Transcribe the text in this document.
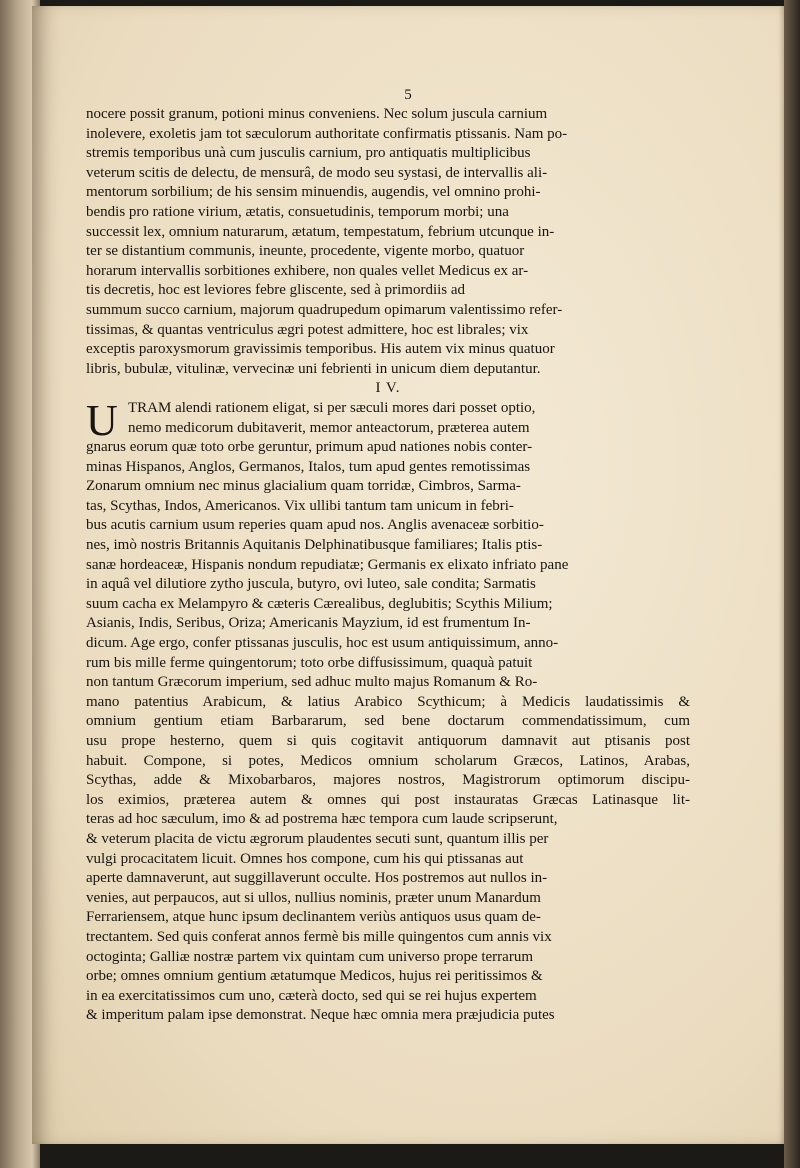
5
nocere possit granum, potioni minus conveniens. Nec solum juscula carnium
inolevere, exoletis jam tot sæculorum authoritate confirmatis ptissanis. Nam po-
stremis temporibus unà cum jusculis carnium, pro antiquatis multiplicibus
veterum scitis de delectu, de mensurâ, de modo seu systasi, de intervallis ali-
mentorum sorbilium; de his sensim minuendis, augendis, vel omnino prohi-
bendis pro ratione virium, ætatis, consuetudinis, temporum morbi; una
successit lex, omnium naturarum, ætatum, tempestatum, febrium utcunque in-
ter se distantium communis, ineunte, procedente, vigente morbo, quatuor
horarum intervallis sorbitiones exhibere, non quales vellet Medicus ex ar-
tis decretis, hoc est leviores febre gliscente, sed à primordiis ad
summum succo carnium, majorum quadrupedum opimarum valentissimo refer-
tissimas, & quantas ventriculus ægri potest admittere, hoc est librales; vix
exceptis paroxysmorum gravissimis temporibus. His autem vix minus quatuor
libris, bubulæ, vitulinæ, vervecinæ uni febrienti in unicum diem deputantur.
I V.
U TRAM alendi rationem eligat, si per sæculi mores dari posset optio,
nemo medicorum dubitaverit, memor anteactorum, præterea autem
gnarus eorum quæ toto orbe geruntur, primum apud nationes nobis conter-
minas Hispanos, Anglos, Germanos, Italos, tum apud gentes remotissimas
Zonarum omnium nec minus glacialium quam torridæ, Cimbros, Sarma-
tas, Scythas, Indos, Americanos. Vix ullibi tantum tam unicum in febri-
bus acutis carnium usum reperies quam apud nos. Anglis avenaceæ sorbitio-
nes, imò nostris Britannis Aquitanis Delphinatibusque familiares; Italis ptis-
sanæ hordeaceæ, Hispanis nondum repudiatæ; Germanis ex elixato infriato pane
in aquâ vel dilutiore zytho juscula, butyro, ovi luteo, sale condita; Sarmatis
suum cacha ex Melampyro & cæteris Cærealibus, deglubitis; Scythis Milium;
Asianis, Indis, Seribus, Oriza; Americanis Mayzium, id est frumentum In-
dicum. Age ergo, confer ptissanas jusculis, hoc est usum antiquissimum, anno-
rum bis mille ferme quingentorum; toto orbe diffusissimum, quaquà patuit
non tantum Græcorum imperium, sed adhuc multo majus Romanum & Ro-
mano patentius Arabicum, & latius Arabico Scythicum; à Medicis laudatissimis &
omnium gentium etiam Barbararum, sed bene doctarum commendatissimum, cum
usu prope hesterno, quem si quis cogitavit antiquorum damnavit aut ptisanis post
habuit. Compone, si potes, Medicos omnium scholarum Græcos, Latinos, Arabas,
Scythas, adde & Mixobarbaros, majores nostros, Magistrorum optimorum discipu-
los eximios, præterea autem & omnes qui post instauratas Græcas Latinasque lit-
teras ad hoc sæculum, imo & ad postrema hæc tempora cum laude scripserunt,
& veterum placita de victu ægrorum plaudentes secuti sunt, quantum illis per
vulgi procacitatem licuit. Omnes hos compone, cum his qui ptissanas aut
aperte damnaverunt, aut suggillaverunt occulte. Hos postremos aut nullos in-
venies, aut perpaucos, aut si ullos, nullius nominis, præter unum Manardum
Ferrariensem, atque hunc ipsum declinantem veriùs antiquos usus quam de-
trectantem. Sed quis conferat annos fermè bis mille quingentos cum annis vix
octoginta; Galliæ nostræ partem vix quintam cum universo prope terrarum
orbe; omnes omnium gentium ætatumque Medicos, hujus rei peritissimos &
in ea exercitatissimos cum uno, cæterà docto, sed qui se rei hujus expertem
& imperitum palam ipse demonstrat. Neque hæc omnia mera præjudicia putes
